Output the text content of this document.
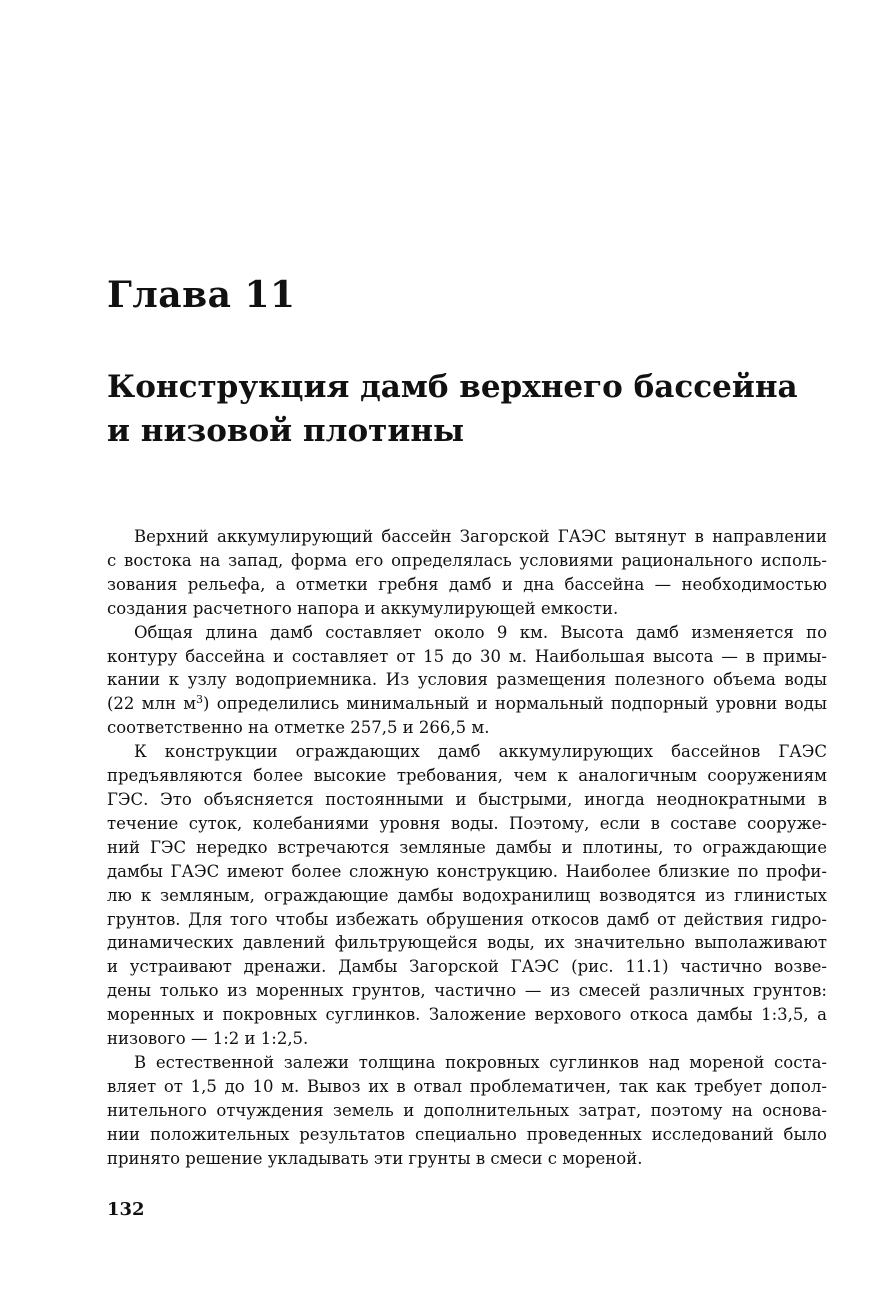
Глава 11
Конструкция дамб верхнего бассейна
и низовой плотины

Верхний аккумулирующий бассейн Загорской ГАЭС вытянут в направлении
с востока на запад, форма его определялась условиями рационального исполь-
зования рельефа, а отметки гребня дамб и дна бассейна — необходимостью
создания расчетного напора и аккумулирующей емкости.

Общая длина дамб составляет около 9 км. Высота дамб изменяется по
контуру бассейна и составляет от 15 до 30 м. Наибольшая высота — в примы-
кании к узлу водоприемника. Из условия размещения полезного объема воды
(22 млн $м^3$) определились минимальный и нормальный подпорный уровни воды
соответственно на отметке 257,5 и 266,5 м.

К конструкции ограждающих дамб аккумулирующих бассейнов ГАЭС
предъявляются более высокие требования, чем к аналогичным сооружениям
ГЭС. Это объясняется постоянными и быстрыми, иногда неоднократными в
течение суток, колебаниями уровня воды. Поэтому, если в составе сооруже-
ний ГЭС нередко встречаются земляные дамбы и плотины, то ограждающие
дамбы ГАЭС имеют более сложную конструкцию. Наиболее близкие по профи-
лю к земляным, ограждающие дамбы водохранилищ возводятся из глинистых
грунтов. Для того чтобы избежать обрушения откосов дамб от действия гидро-
динамических давлений фильтрующейся воды, их значительно выполаживают
и устраивают дренажи. Дамбы Загорской ГАЭС (рис. 11.1) частично возве-
дены только из моренных грунтов, частично — из смесей различных грунтов:
моренных и покровных суглинков. Заложение верхового откоса дамбы 1:3,5, а
низового — 1:2 и 1:2,5.

В естественной залежи толщина покровных суглинков над мореной соста-
вляет от 1,5 до 10 м. Вывоз их в отвал проблематичен, так как требует допол-
нительного отчуждения земель и дополнительных затрат, поэтому на основа-
нии положительных результатов специально проведенных исследований было
принято решение укладывать эти грунты в смеси с мореной.

132
